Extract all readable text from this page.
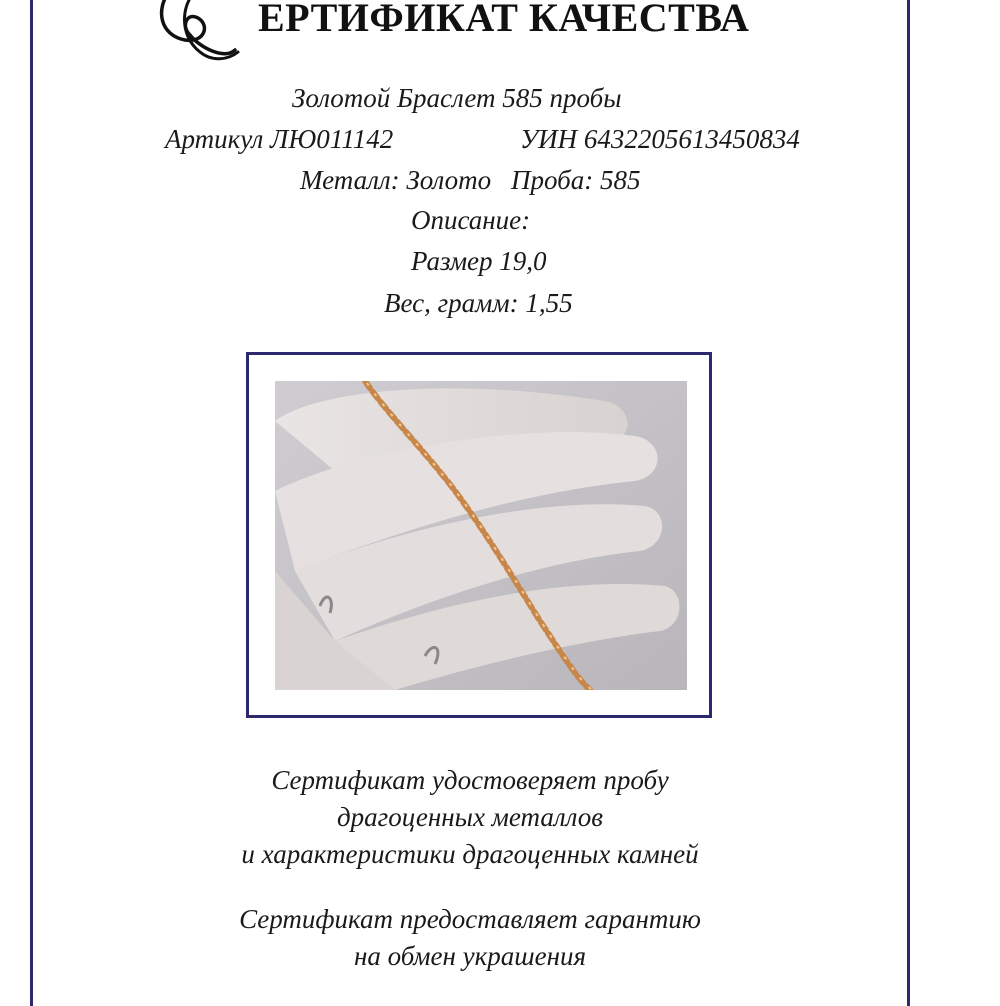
ЕРТИФИКАТ КАЧЕСТВА
Золотой Браслет 585 пробы
Артикул ЛЮ011142	УИН 6432205613450834
Металл: Золото Проба: 585
Описание:
Размер 19,0
Вес, грамм: 1,55
Сертификат удостоверяет пробу
драгоценных металлов
и характеристики драгоценных камней
Сертификат предоставляет гарантию
на обмен украшения
